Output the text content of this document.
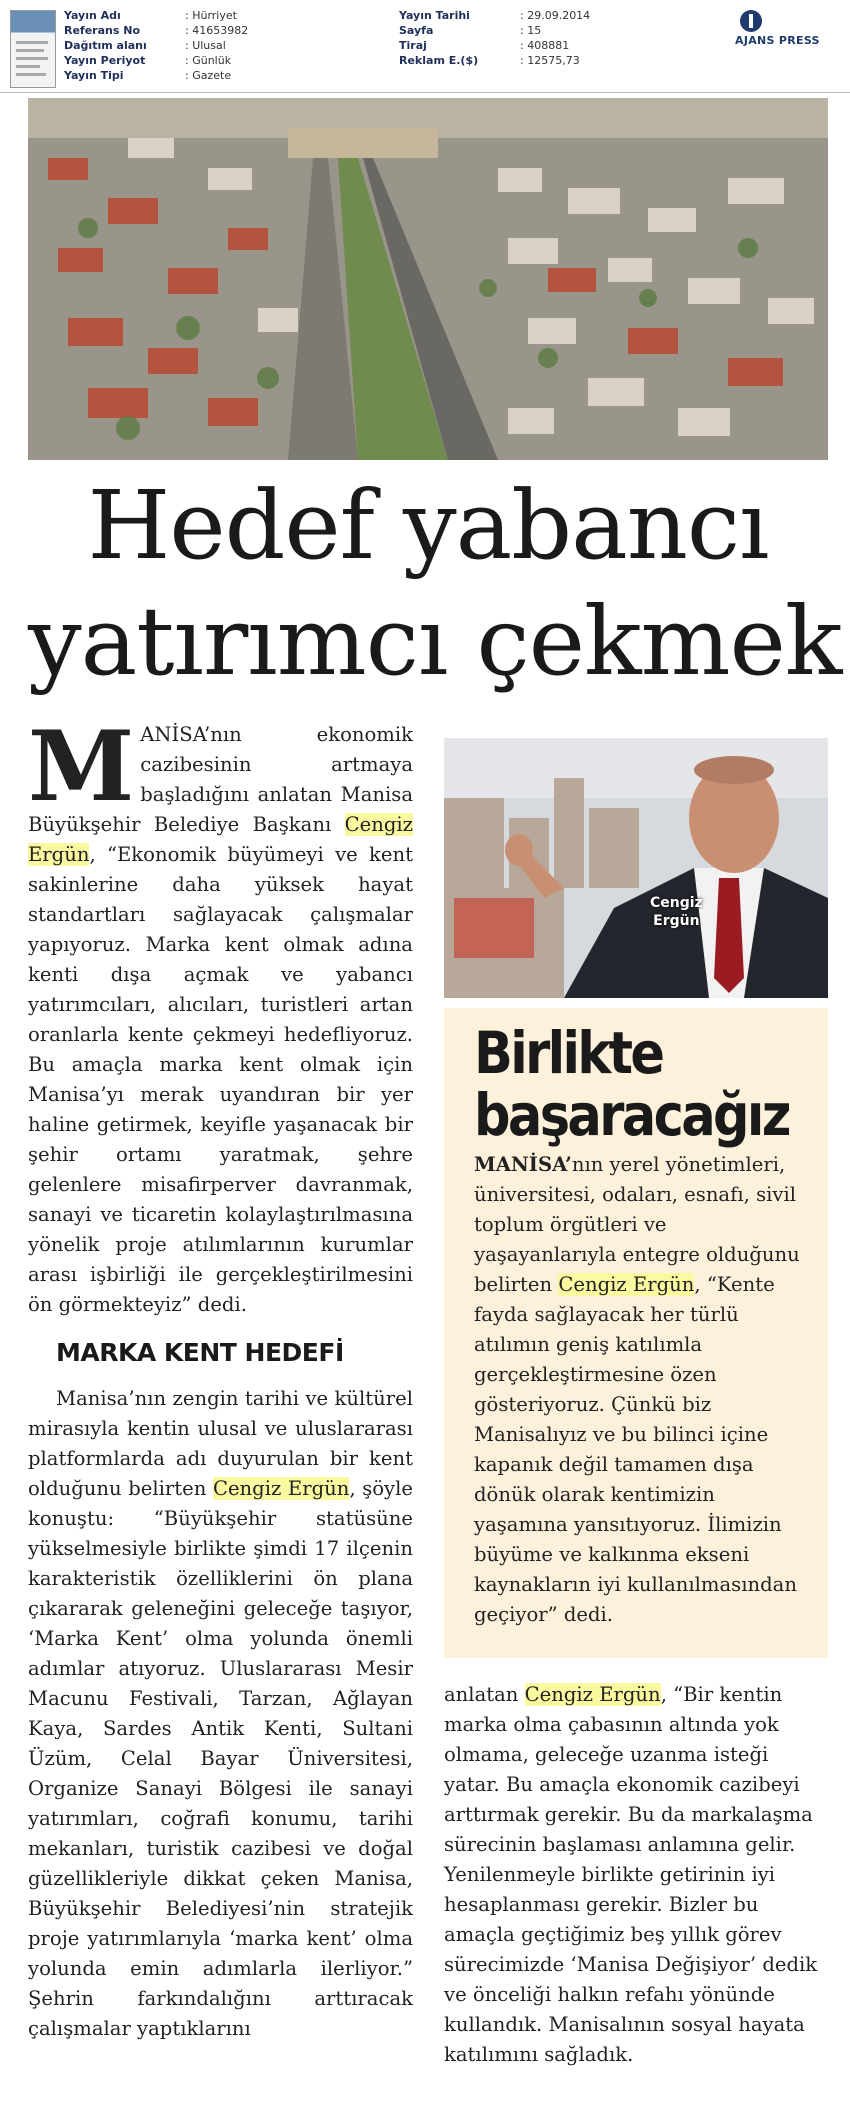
Yayın Adı	: Hürriyet
Referans No	: 41653982
Dağıtım alanı	: Ulusal
Yayın Periyot	: Günlük
Yayın Tipi	: Gazete
Yayın Tarihi	: 29.09.2014
Sayfa	: 15
Tiraj	: 408881
Reklam E.($)	: 12575,73
AJANS PRESS
Hedef yabancı
yatırımcı çekmek

MANİSA’nın ekonomik cazibesinin artmaya başladığını anlatan Manisa Büyükşehir Belediye Başkanı Cengiz Ergün, “Ekonomik büyümeyi ve kent sakinlerine daha yüksek hayat standartları sağlayacak çalışmalar yapıyoruz. Marka kent olmak adına kenti dışa açmak ve yabancı yatırımcıları, alıcıları, turistleri artan oranlarla kente çekmeyi hedefliyoruz. Bu amaçla marka kent olmak için Manisa’yı merak uyandıran bir yer haline getirmek, keyifle yaşanacak bir şehir ortamı yaratmak, şehre gelenlere misafirperver davranmak, sanayi ve ticaretin kolaylaştırılmasına yönelik proje atılımlarının kurumlar arası işbirliği ile gerçekleştirilmesini ön görmekteyiz” dedi.

MARKA KENT HEDEFİ

Manisa’nın zengin tarihi ve kültürel mirasıyla kentin ulusal ve uluslararası platformlarda adı duyurulan bir kent olduğunu belirten Cengiz Ergün, şöyle konuştu: “Büyükşehir statüsüne yükselmesiyle birlikte şimdi 17 ilçenin karakteristik özelliklerini ön plana çıkararak geleneğini geleceğe taşıyor, ‘Marka Kent’ olma yolunda önemli adımlar atıyoruz. Uluslararası Mesir Macunu Festivali, Tarzan, Ağlayan Kaya, Sardes Antik Kenti, Sultani Üzüm, Celal Bayar Üniversitesi, Organize Sanayi Bölgesi ile sanayi yatırımları, coğrafi konumu, tarihi mekanları, turistik cazibesi ve doğal güzellikleriyle dikkat çeken Manisa, Büyükşehir Belediyesi’nin stratejik proje yatırımlarıyla ‘marka kent’ olma yolunda emin adımlarla ilerliyor.” Şehrin farkındalığını arttıracak çalışmalar yaptıklarını

Cengiz
Ergün
Birlikte
başaracağız

MANİSA’nın yerel yönetimleri, üniversitesi, odaları, esnafı, sivil toplum örgütleri ve yaşayanlarıyla entegre olduğunu belirten Cengiz Ergün, “Kente fayda sağlayacak her türlü atılımın geniş katılımla gerçekleştirmesine özen gösteriyoruz. Çünkü biz Manisalıyız ve bu bilinci içine kapanık değil tamamen dışa dönük olarak kentimizin yaşamına yansıtıyoruz. İlimizin büyüme ve kalkınma ekseni kaynakların iyi kullanılmasından geçiyor” dedi.

anlatan Cengiz Ergün, “Bir kentin marka olma çabasının altında yok olmama, geleceğe uzanma isteği yatar. Bu amaçla ekonomik cazibeyi arttırmak gerekir. Bu da markalaşma sürecinin başlaması anlamına gelir. Yenilenmeyle birlikte getirinin iyi hesaplanması gerekir. Bizler bu amaçla geçtiğimiz beş yıllık görev sürecimizde ‘Manisa Değişiyor’ dedik ve önceliği halkın refahı yönünde kullandık. Manisalının sosyal hayata katılımını sağladık.
